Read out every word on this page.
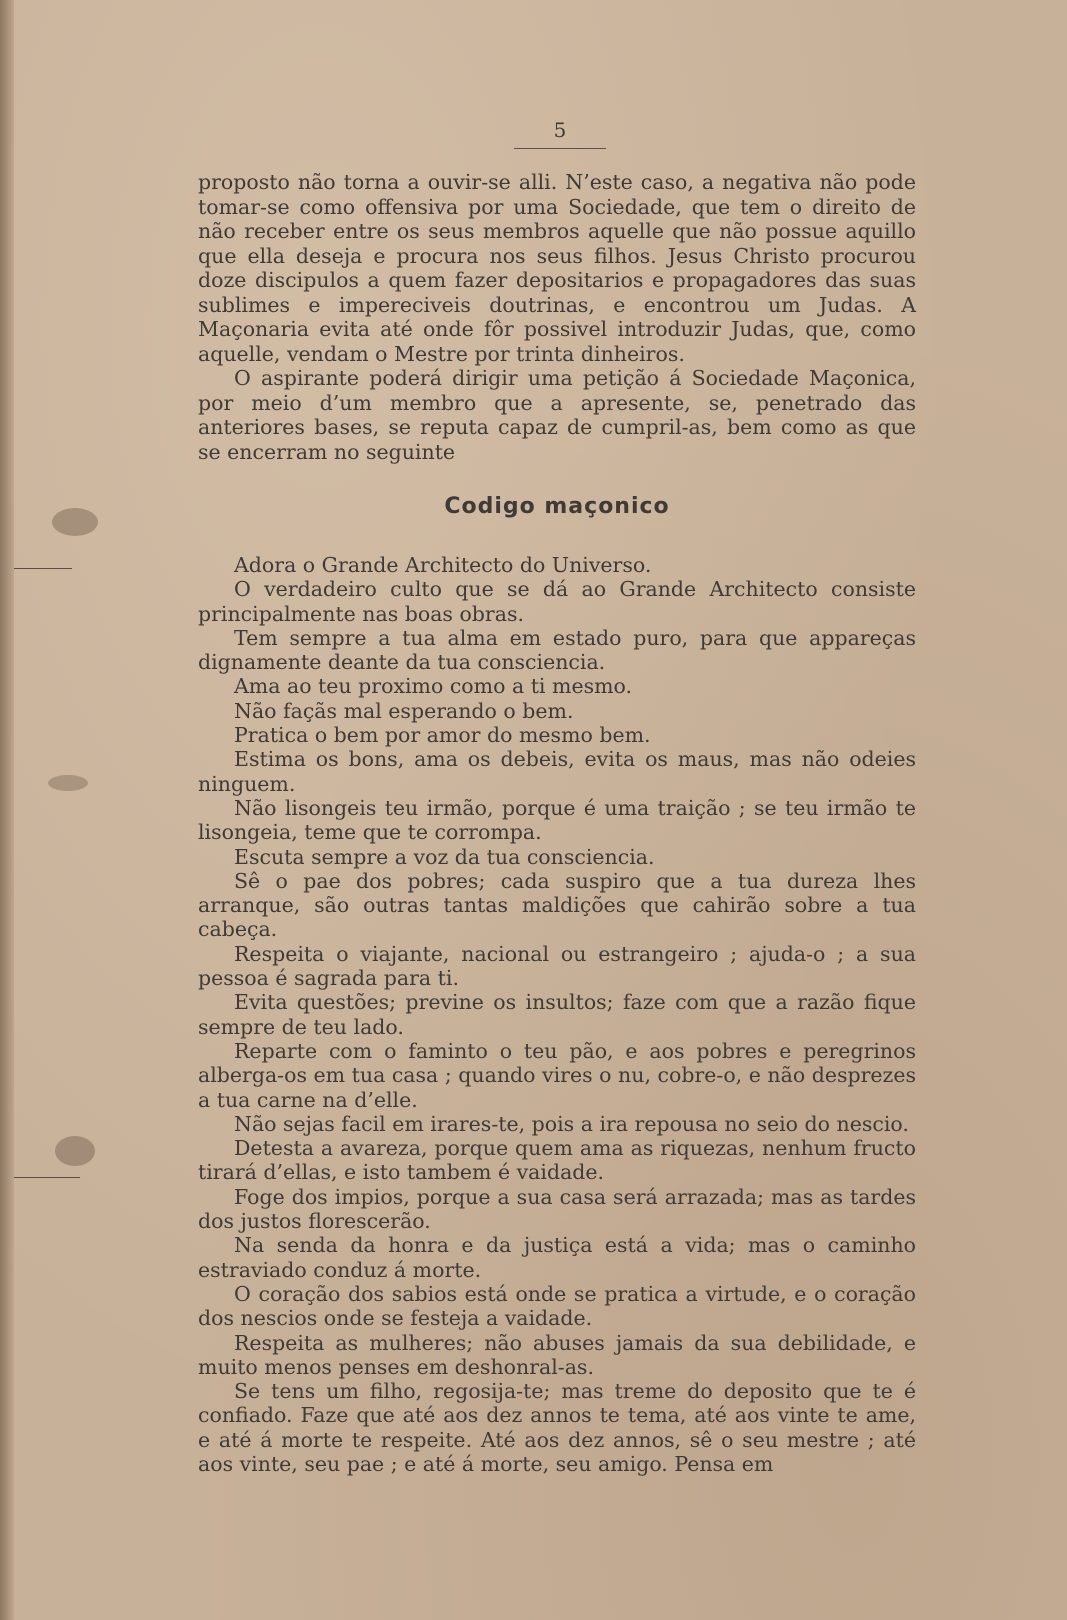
5

proposto não torna a ouvir-se alli. N’este caso, a negativa não pode tomar-se como offensiva por uma Sociedade, que tem o direito de não receber entre os seus membros aquelle que não possue aquillo que ella deseja e procura nos seus filhos. Jesus Christo procurou doze discipulos a quem fazer depositarios e propagadores das suas sublimes e impereciveis doutrinas, e encontrou um Judas. A Maçonaria evita até onde fôr possivel introduzir Judas, que, como aquelle, vendam o Mestre por trinta dinheiros.

O aspirante poderá dirigir uma petição á Sociedade Maçonica, por meio d’um membro que a apresente, se, penetrado das anteriores bases, se reputa capaz de cumpril-as, bem como as que se encerram no seguinte

Codigo maçonico

Adora o Grande Architecto do Universo.

O verdadeiro culto que se dá ao Grande Architecto consiste principalmente nas boas obras.

Tem sempre a tua alma em estado puro, para que appareças dignamente deante da tua consciencia.

Ama ao teu proximo como a ti mesmo.

Não façãs mal esperando o bem.

Pratica o bem por amor do mesmo bem.

Estima os bons, ama os debeis, evita os maus, mas não odeies ninguem.

Não lisongeis teu irmão, porque é uma traição ; se teu irmão te lisongeia, teme que te corrompa.

Escuta sempre a voz da tua consciencia.

Sê o pae dos pobres; cada suspiro que a tua dureza lhes arranque, são outras tantas maldições que cahirão sobre a tua cabeça.

Respeita o viajante, nacional ou estrangeiro ; ajuda-o ; a sua pessoa é sagrada para ti.

Evita questões; previne os insultos; faze com que a razão fique sempre de teu lado.

Reparte com o faminto o teu pão, e aos pobres e peregrinos alberga-os em tua casa ; quando vires o nu, cobre-o, e não desprezes a tua carne na d’elle.

Não sejas facil em irares-te, pois a ira repousa no seio do nescio.

Detesta a avareza, porque quem ama as riquezas, nenhum fructo tirará d’ellas, e isto tambem é vaidade.

Foge dos impios, porque a sua casa será arrazada; mas as tardes dos justos florescerão.

Na senda da honra e da justiça está a vida; mas o caminho estraviado conduz á morte.

O coração dos sabios está onde se pratica a virtude, e o coração dos nescios onde se festeja a vaidade.

Respeita as mulheres; não abuses jamais da sua debilidade, e muito menos penses em deshonral-as.

Se tens um filho, regosija-te; mas treme do deposito que te é confiado. Faze que até aos dez annos te tema, até aos vinte te ame, e até á morte te respeite. Até aos dez annos, sê o seu mestre ; até aos vinte, seu pae ; e até á morte, seu amigo. Pensa em
